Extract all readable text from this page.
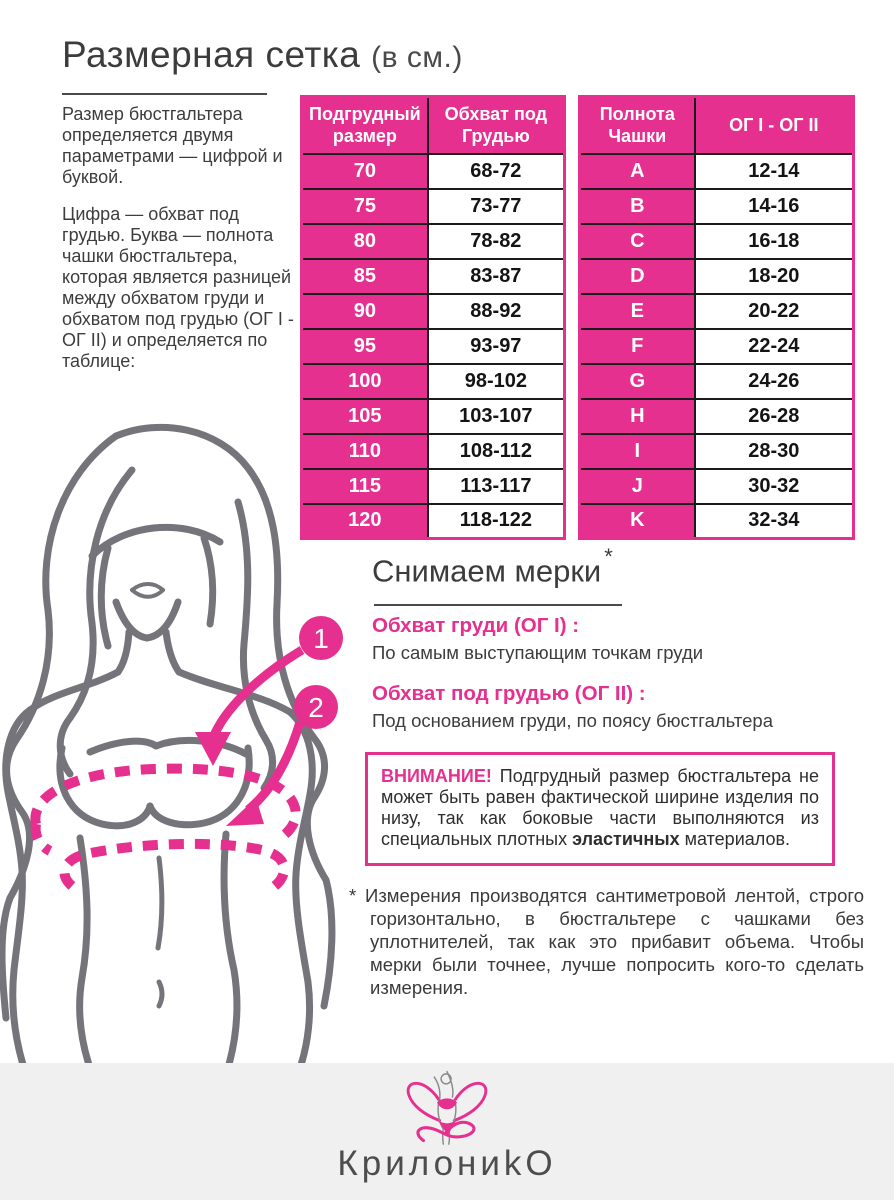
Размерная сетка (в см.)

Размер бюстгальтера определяется двумя параметрами — цифрой и буквой.

Цифра — обхват под грудью. Буква — полнота чашки бюстгальтера, которая является разницей между обхватом груди и обхватом под грудью (ОГ I - ОГ II) и определяется по таблице:

Подгрудный размер	Обхват под Грудью
70	68-72
75	73-77
80	78-82
85	83-87
90	88-92
95	93-97
100	98-102
105	103-107
110	108-112
115	113-117
120	118-122
Полнота Чашки	ОГ I - ОГ II
A	12-14
B	14-16
C	16-18
D	18-20
E	20-22
F	22-24
G	24-26
H	26-28
I	28-30
J	30-32
K	32-34
1
2
Снимаем мерки *
Обхват груди (ОГ I) :
По самым выступающим точкам груди
Обхват под грудью (ОГ II) :
Под основанием груди, по поясу бюстгальтера
ВНИМАНИЕ! Подгрудный размер бюстгальтера не может быть равен фактической ширине изделия по низу, так как боковые части выполняются из специальных плотных эластичных материалов.

* Измерения производятся сантиметровой лентой, строго горизонтально, в бюстгальтере с чашками без уплотнителей, так как это прибавит объема. Чтобы мерки были точнее, лучше попросить кого-то сделать измерения.

КрилониkО
